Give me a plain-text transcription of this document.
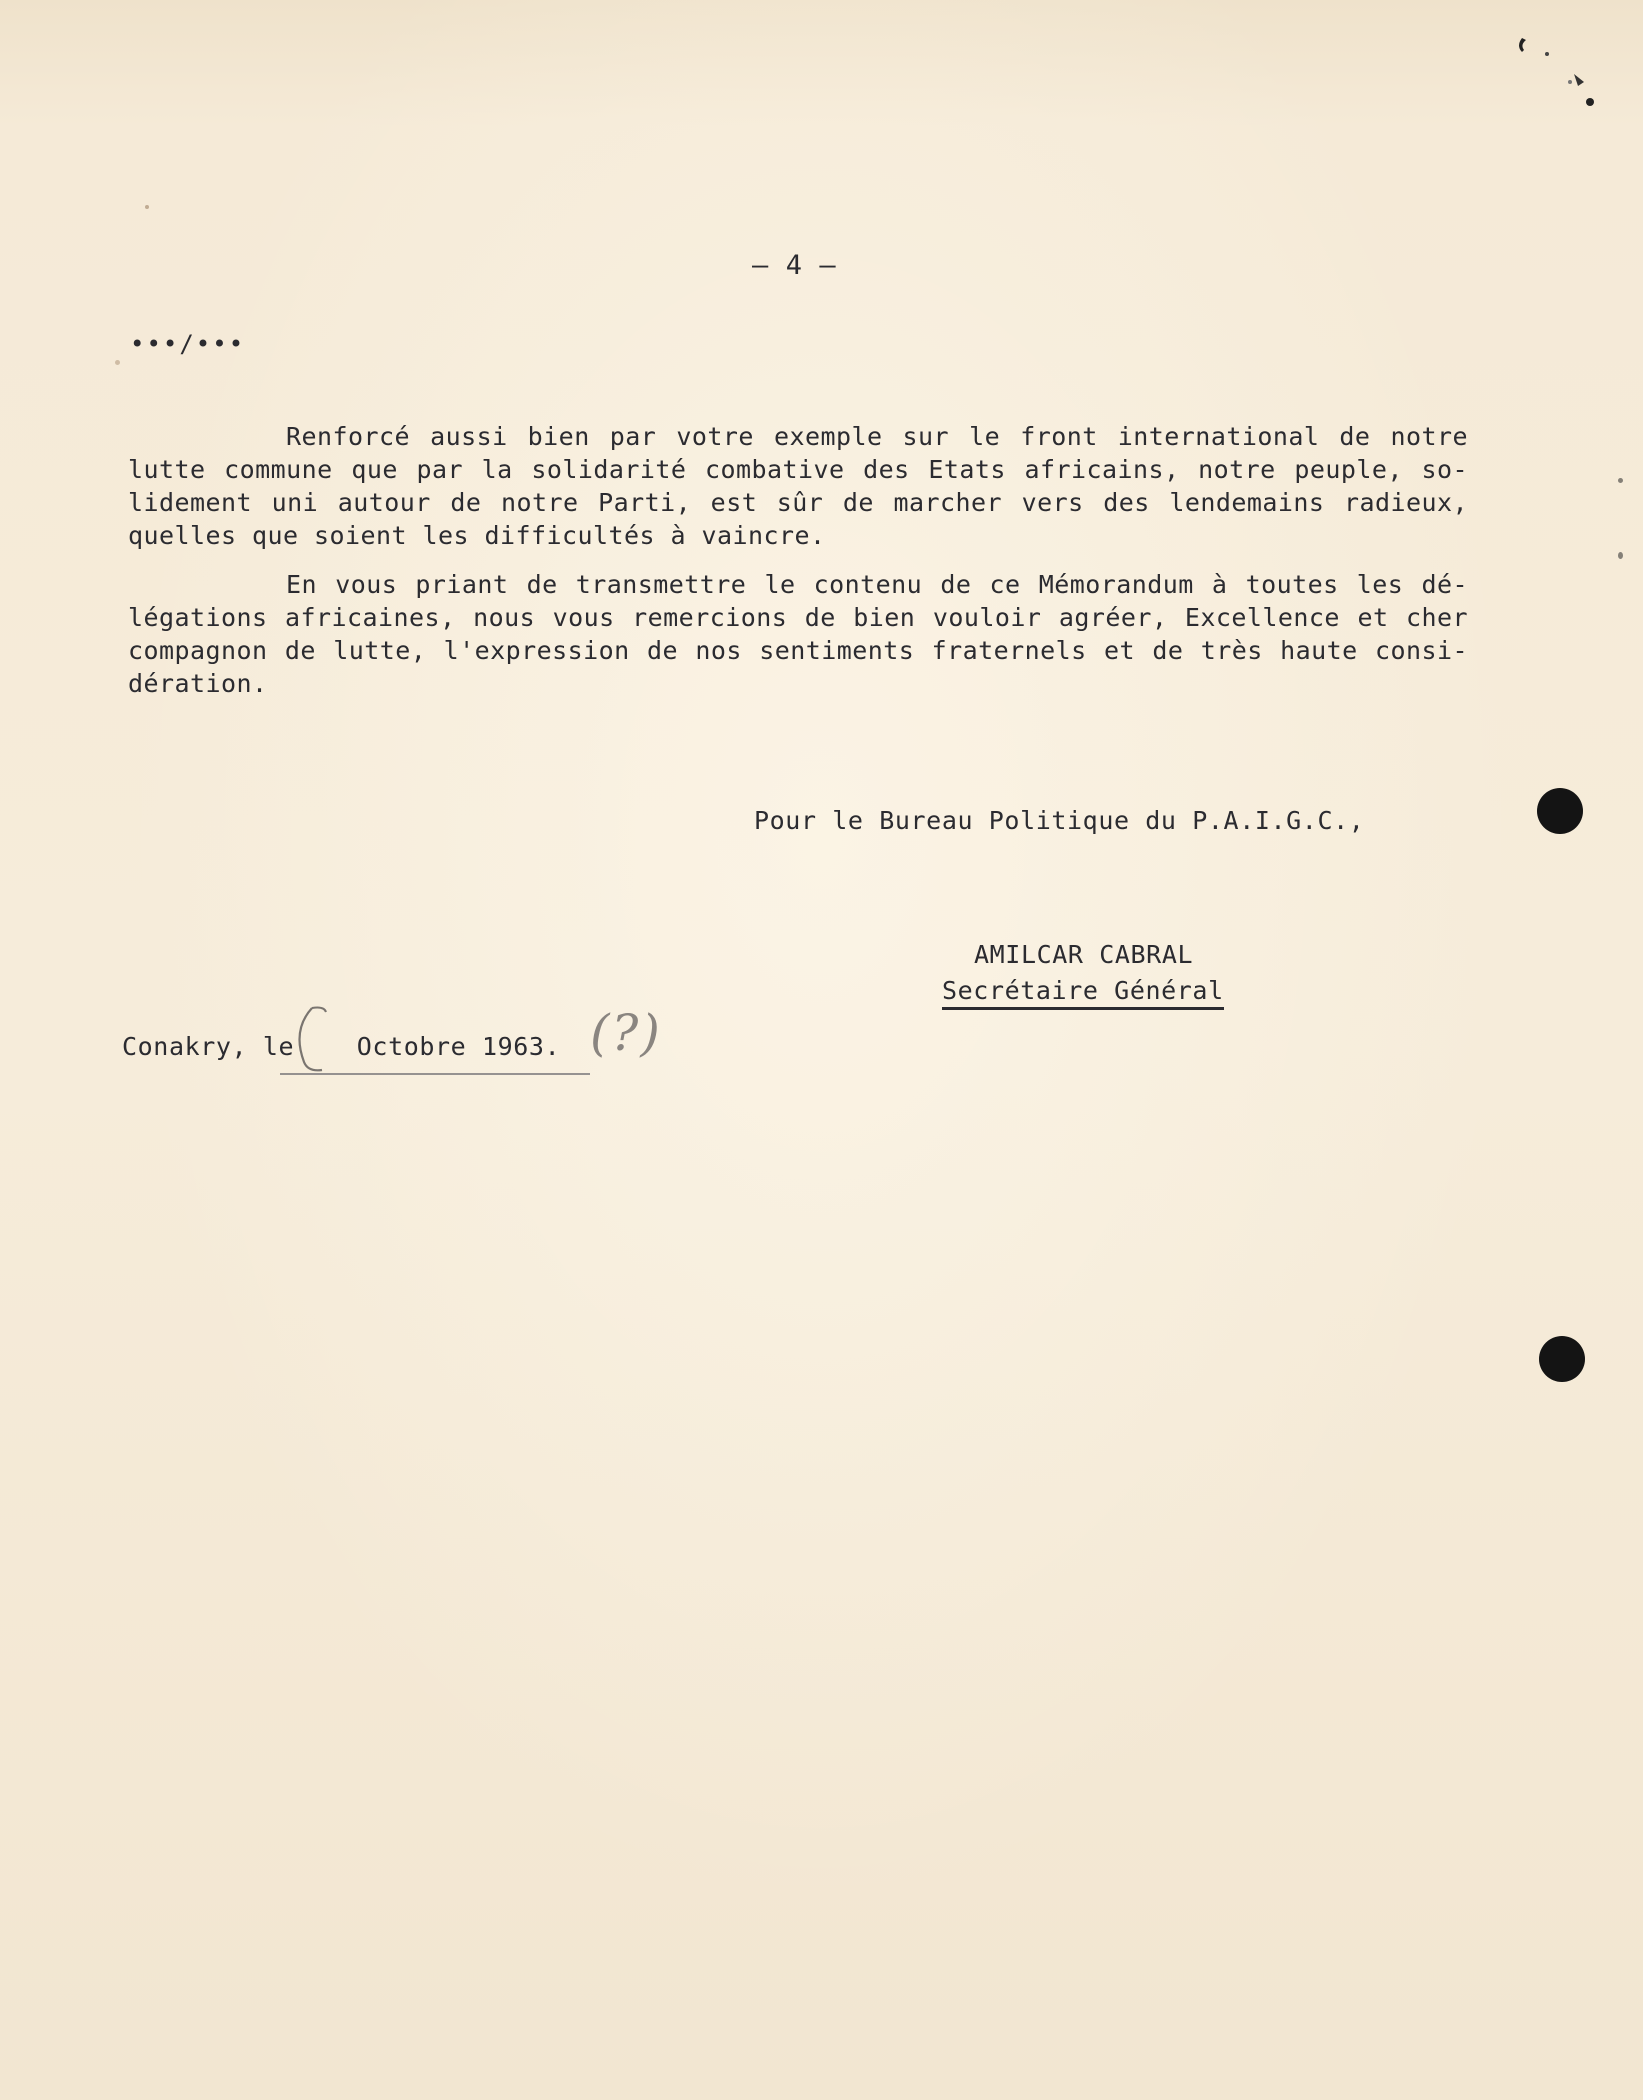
— 4 —
•••/•••
Renforcé aussi bien par votre exemple sur le front international de notre
lutte commune que par la solidarité combative des Etats africains, notre peuple, so-
lidement uni autour de notre Parti, est sûr de marcher vers des lendemains radieux,
quelles que soient les difficultés à vaincre.
En vous priant de transmettre le contenu de ce Mémorandum à toutes les dé-
légations africaines, nous vous remercions de bien vouloir agréer, Excellence et cher
compagnon de lutte, l'expression de nos sentiments fraternels et de très haute consi-
dération.
Pour le Bureau Politique du P.A.I.G.C.,
AMILCAR CABRAL
Secrétaire Général
Conakry, le    Octobre 1963. (?)
